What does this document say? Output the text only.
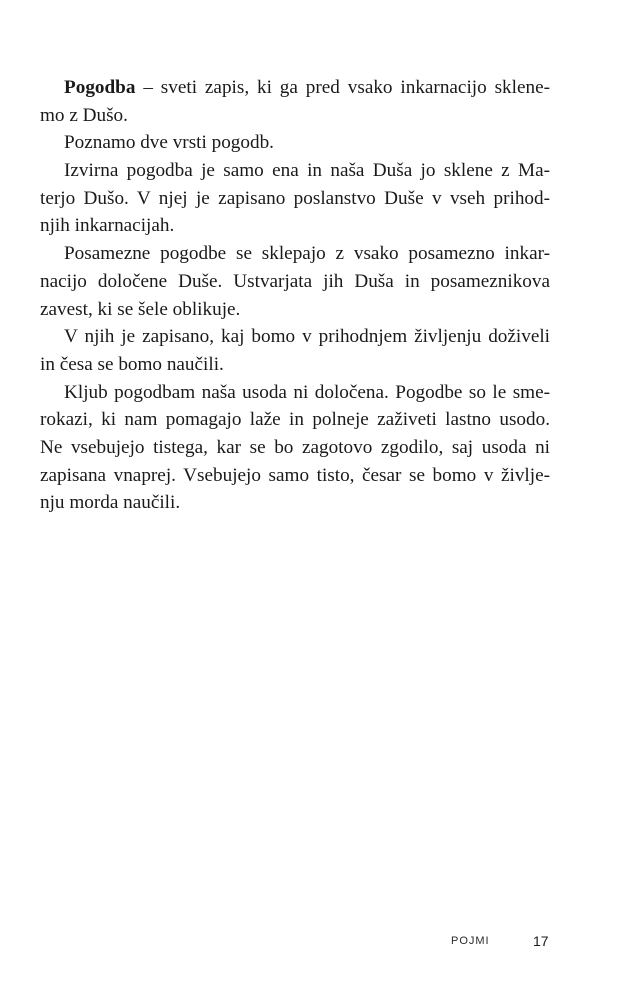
Pogodba – sveti zapis, ki ga pred vsako inkarnacijo sklene-
mo z Dušo.
Poznamo dve vrsti pogodb.
Izvirna pogodba je samo ena in naša Duša jo sklene z Ma-
terjo Dušo. V njej je zapisano poslanstvo Duše v vseh prihod-
njih inkarnacijah.
Posamezne pogodbe se sklepajo z vsako posamezno inkar-
nacijo določene Duše. Ustvarjata jih Duša in posameznikova
zavest, ki se šele oblikuje.
V njih je zapisano, kaj bomo v prihodnjem življenju doživeli
in česa se bomo naučili.
Kljub pogodbam naša usoda ni določena. Pogodbe so le sme-
rokazi, ki nam pomagajo laže in polneje zaživeti lastno usodo.
Ne vsebujejo tistega, kar se bo zagotovo zgodilo, saj usoda ni
zapisana vnaprej. Vsebujejo samo tisto, česar se bomo v življe-
nju morda naučili.
POJMI	17
